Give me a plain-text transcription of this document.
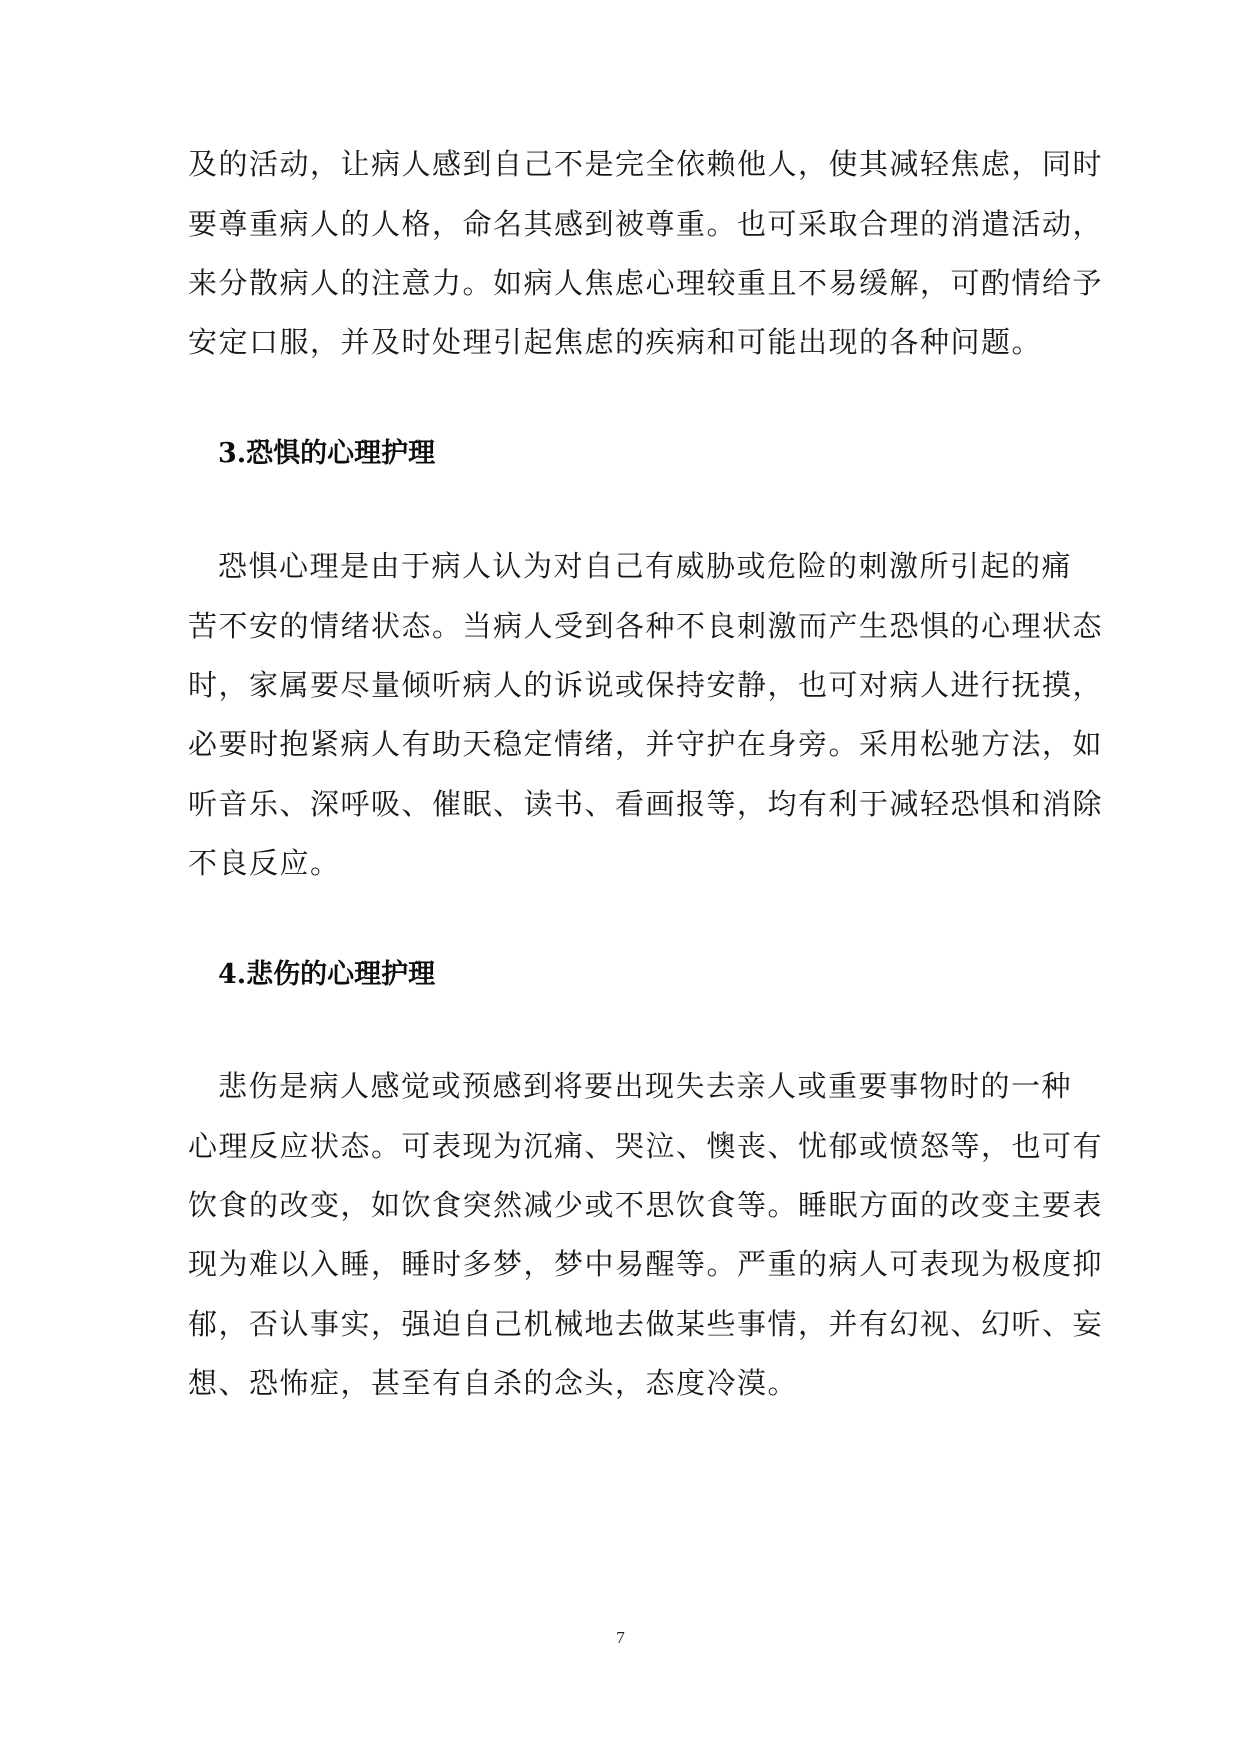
及的活动，让病人感到自己不是完全依赖他人，使其减轻焦虑，同时
要尊重病人的人格，命名其感到被尊重。也可采取合理的消遣活动，
来分散病人的注意力。如病人焦虑心理较重且不易缓解，可酌情给予
安定口服，并及时处理引起焦虑的疾病和可能出现的各种问题。
3.恐惧的心理护理
恐惧心理是由于病人认为对自己有威胁或危险的刺激所引起的痛
苦不安的情绪状态。当病人受到各种不良刺激而产生恐惧的心理状态
时，家属要尽量倾听病人的诉说或保持安静，也可对病人进行抚摸，
必要时抱紧病人有助天稳定情绪，并守护在身旁。采用松驰方法，如
听音乐、深呼吸、催眠、读书、看画报等，均有利于减轻恐惧和消除
不良反应。
4.悲伤的心理护理
悲伤是病人感觉或预感到将要出现失去亲人或重要事物时的一种
心理反应状态。可表现为沉痛、哭泣、懊丧、忧郁或愤怒等，也可有
饮食的改变，如饮食突然减少或不思饮食等。睡眠方面的改变主要表
现为难以入睡，睡时多梦，梦中易醒等。严重的病人可表现为极度抑
郁，否认事实，强迫自己机械地去做某些事情，并有幻视、幻听、妄
想、恐怖症，甚至有自杀的念头，态度冷漠。
7
